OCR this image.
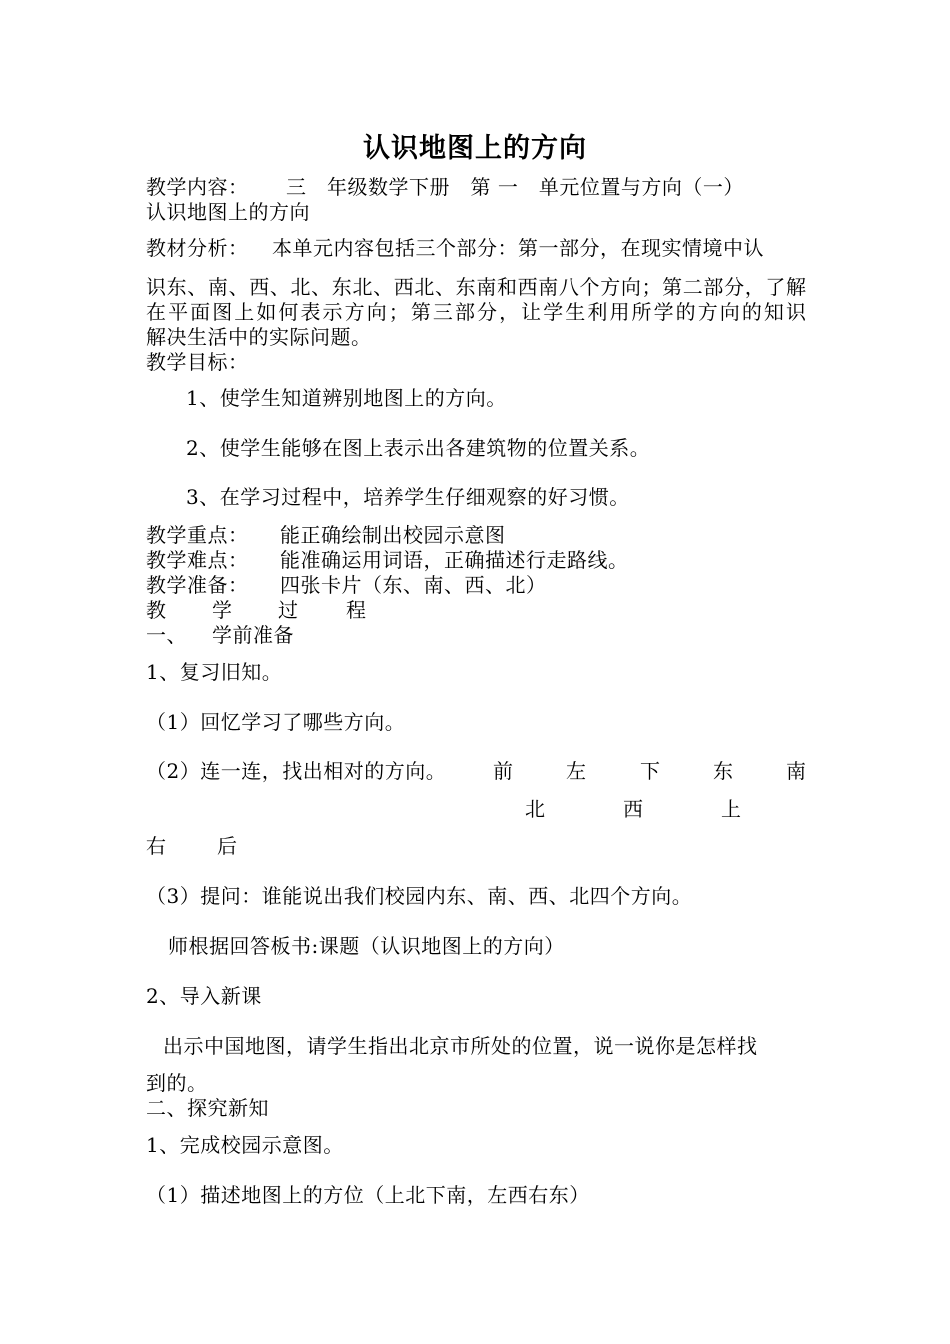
认识地图上的方向
教学内容： 三　年级数学下册　第 一　单元位置与方向（一）
认识地图上的方向
教材分析： 本单元内容包括三个部分：第一部分，在现实情境中认
识东、南、西、北、东北、西北、东南和西南八个方向；第二部分，了解
在平面图上如何表示方向；第三部分，让学生利用所学的方向的知识
解决生活中的实际问题。
教学目标：
1、使学生知道辨别地图上的方向。
2、使学生能够在图上表示出各建筑物的位置关系。
3、在学习过程中，培养学生仔细观察的好习惯。
教学重点： 能正确绘制出校园示意图
教学难点： 能准确运用词语，正确描述行走路线。
教学准备： 四张卡片（东、南、西、北）
教 学 过 程
一、 学前准备
1、复习旧知。
（1）回忆学习了哪些方向。
（2）连一连，找出相对的方向。 前	左	下	东	南
北	西	上
右	后
（3）提问：谁能说出我们校园内东、南、西、北四个方向。
师根据回答板书:课题（认识地图上的方向）
2、导入新课
出示中国地图，请学生指出北京市所处的位置，说一说你是怎样找
到的。
二、探究新知
1、完成校园示意图。
（1）描述地图上的方位（上北下南，左西右东）
